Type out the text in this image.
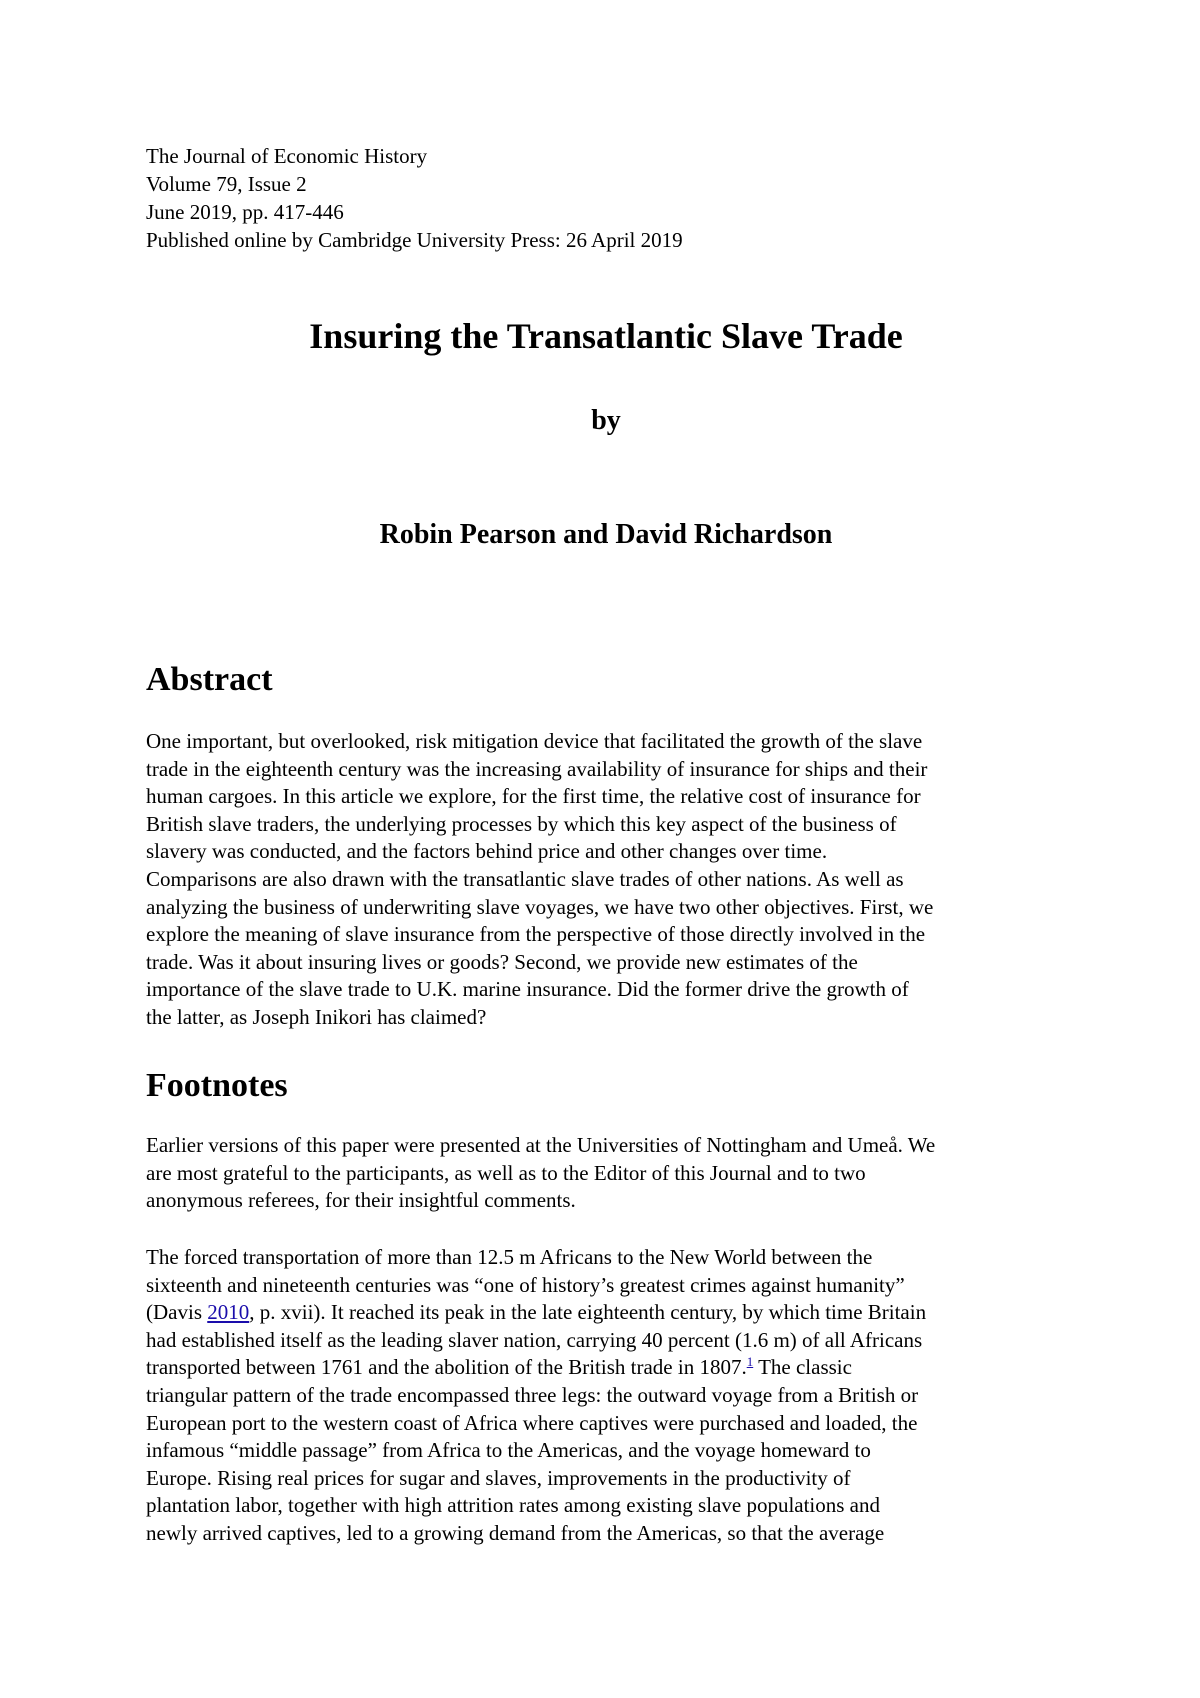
The Journal of Economic History

Volume 79, Issue 2

June 2019, pp. 417-446

Published online by Cambridge University Press: 26 April 2019

Insuring the Transatlantic Slave Trade

by

Robin Pearson and David Richardson

Abstract

One important, but overlooked, risk mitigation device that facilitated the growth of the slave
trade in the eighteenth century was the increasing availability of insurance for ships and their
human cargoes. In this article we explore, for the first time, the relative cost of insurance for
British slave traders, the underlying processes by which this key aspect of the business of
slavery was conducted, and the factors behind price and other changes over time.
Comparisons are also drawn with the transatlantic slave trades of other nations. As well as
analyzing the business of underwriting slave voyages, we have two other objectives. First, we
explore the meaning of slave insurance from the perspective of those directly involved in the
trade. Was it about insuring lives or goods? Second, we provide new estimates of the
importance of the slave trade to U.K. marine insurance. Did the former drive the growth of
the latter, as Joseph Inikori has claimed?

Footnotes

Earlier versions of this paper were presented at the Universities of Nottingham and Umeå. We
are most grateful to the participants, as well as to the Editor of this Journal and to two
anonymous referees, for their insightful comments.

The forced transportation of more than 12.5 m Africans to the New World between the
sixteenth and nineteenth centuries was “one of history’s greatest crimes against humanity”
(Davis 2010, p. xvii). It reached its peak in the late eighteenth century, by which time Britain
had established itself as the leading slaver nation, carrying 40 percent (1.6 m) of all Africans
transported between 1761 and the abolition of the British trade in 1807.$^1$ The classic
triangular pattern of the trade encompassed three legs: the outward voyage from a British or
European port to the western coast of Africa where captives were purchased and loaded, the
infamous “middle passage” from Africa to the Americas, and the voyage homeward to
Europe. Rising real prices for sugar and slaves, improvements in the productivity of
plantation labor, together with high attrition rates among existing slave populations and
newly arrived captives, led to a growing demand from the Americas, so that the average
